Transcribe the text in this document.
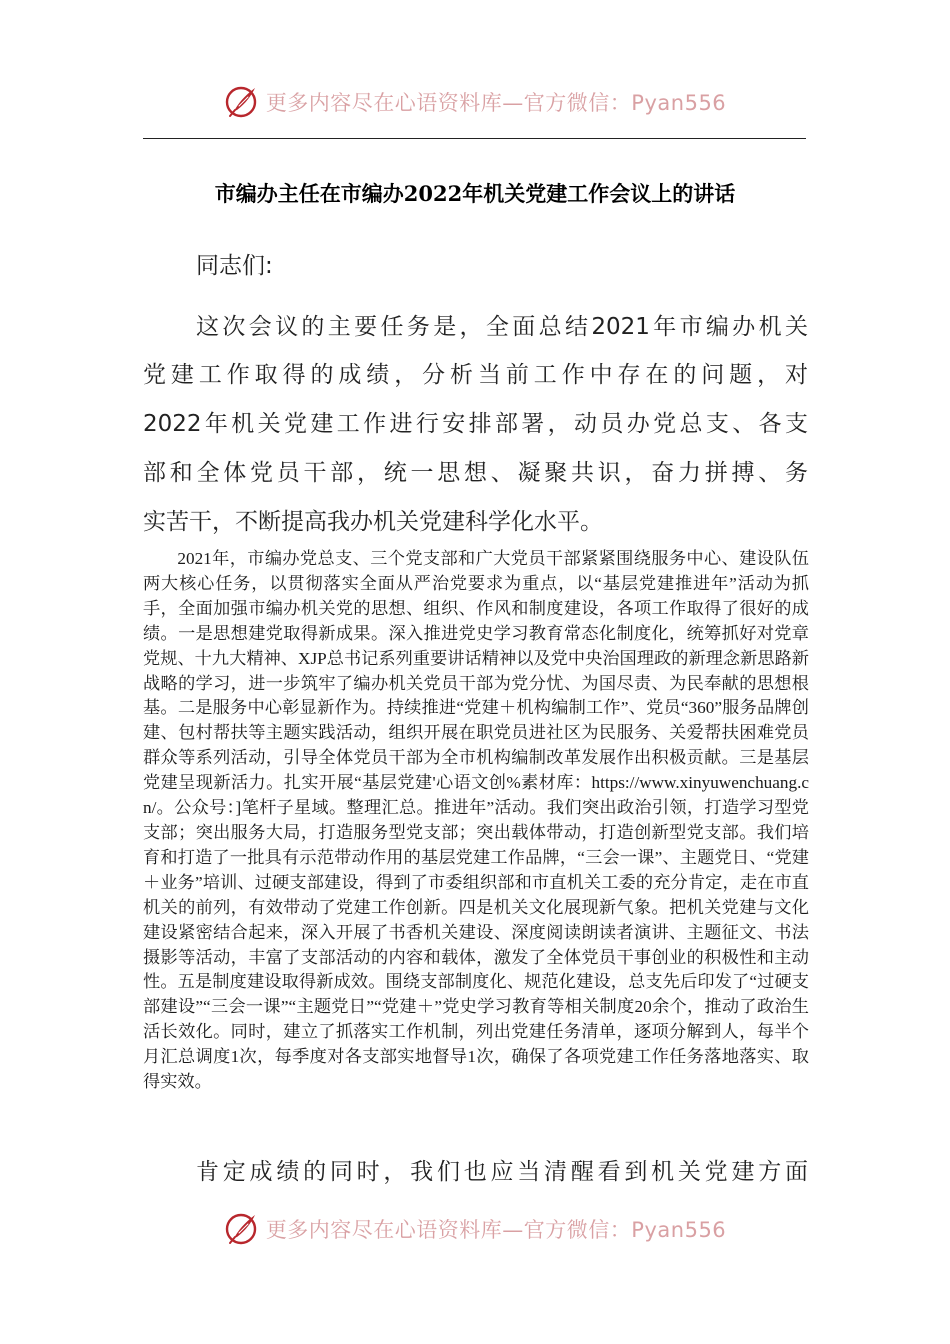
更多内容尽在心语资料库—官方微信：Pyan556
市编办主任在市编办2022年机关党建工作会议上的讲话
同志们:
这次会议的主要任务是，全面总结2021年市编办机关
党建工作取得的成绩，分析当前工作中存在的问题，对
2022年机关党建工作进行安排部署，动员办党总支、各支
部和全体党员干部，统一思想、凝聚共识，奋力拼搏、务
实苦干，不断提高我办机关党建科学化水平。
2021年，市编办党总支、三个党支部和广大党员干部紧紧围绕服务中心、建设队伍两大核心任务，以贯彻落实全面从严治党要求为重点，以“基层党建推进年”活动为抓手，全面加强市编办机关党的思想、组织、作风和制度建设，各项工作取得了很好的成绩。一是思想建党取得新成果。深入推进党史学习教育常态化制度化，统筹抓好对党章党规、十九大精神、XJP总书记系列重要讲话精神以及党中央治国理政的新理念新思路新战略的学习，进一步筑牢了编办机关党员干部为党分忧、为国尽责、为民奉献的思想根基。二是服务中心彰显新作为。持续推进“党建＋机构编制工作”、党员“360”服务品牌创建、包村帮扶等主题实践活动，组织开展在职党员进社区为民服务、关爱帮扶困难党员群众等系列活动，引导全体党员干部为全市机构编制改革发展作出积极贡献。三是基层党建呈现新活力。扎实开展“基层党建'心语文创%素材库：https://www.xinyuwenchuang.cn/。公众号：]笔杆子星域。整理汇总。推进年”活动。我们突出政治引领，打造学习型党支部；突出服务大局，打造服务型党支部；突出载体带动，打造创新型党支部。我们培育和打造了一批具有示范带动作用的基层党建工作品牌，“三会一课”、主题党日、“党建＋业务”培训、过硬支部建设，得到了市委组织部和市直机关工委的充分肯定，走在市直机关的前列，有效带动了党建工作创新。四是机关文化展现新气象。把机关党建与文化建设紧密结合起来，深入开展了书香机关建设、深度阅读朗读者演讲、主题征文、书法摄影等活动，丰富了支部活动的内容和载体，激发了全体党员干事创业的积极性和主动性。五是制度建设取得新成效。围绕支部制度化、规范化建设，总支先后印发了“过硬支部建设”“三会一课”“主题党日”“党建＋”党史学习教育等相关制度20余个，推动了政治生活长效化。同时，建立了抓落实工作机制，列出党建任务清单，逐项分解到人，每半个月汇总调度1次，每季度对各支部实地督导1次，确保了各项党建工作任务落地落实、取得实效。
肯定成绩的同时，我们也应当清醒看到机关党建方面
更多内容尽在心语资料库—官方微信：Pyan556
